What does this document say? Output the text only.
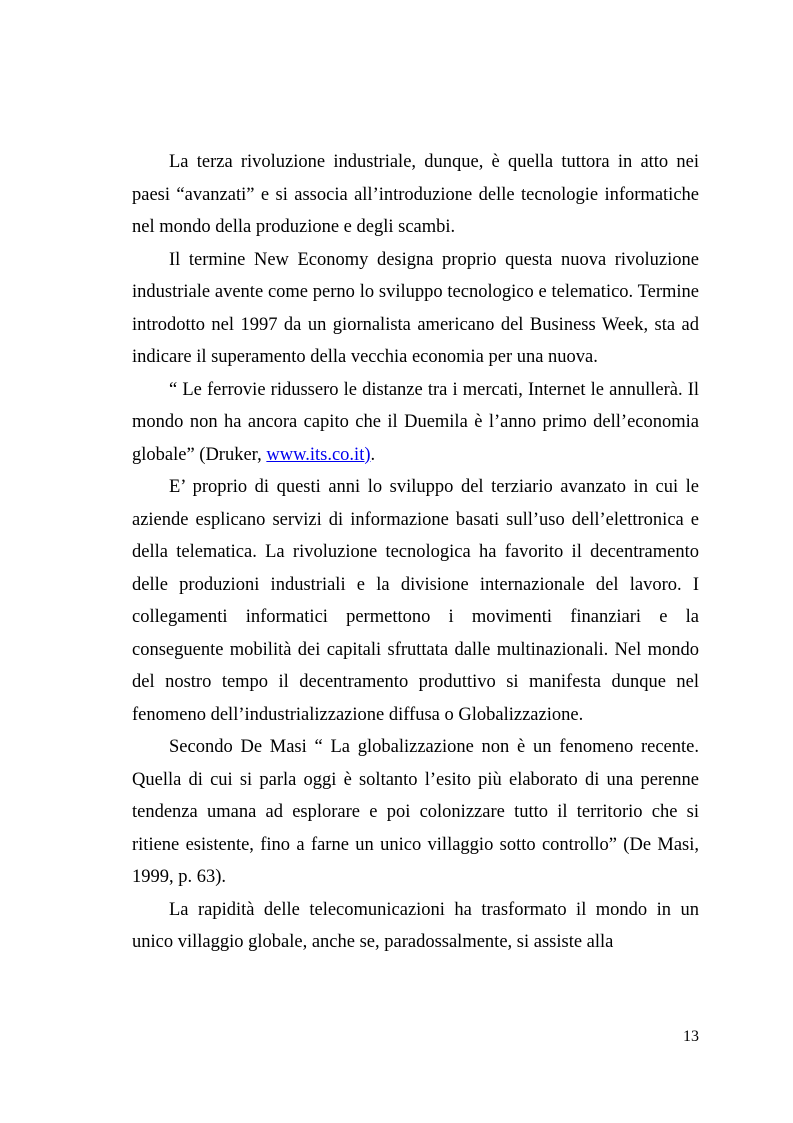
La terza rivoluzione industriale, dunque, è quella tuttora in atto nei paesi “avanzati” e si associa all’introduzione delle tecnologie informatiche nel mondo della produzione e degli scambi.

Il termine New Economy designa proprio questa nuova rivoluzione industriale avente come perno lo sviluppo tecnologico e telematico. Termine introdotto nel 1997 da un giornalista americano del Business Week, sta ad indicare il superamento della vecchia economia per una nuova.

“ Le ferrovie ridussero le distanze tra i mercati, Internet le annullerà. Il mondo non ha ancora capito che il Duemila è l’anno primo dell’economia globale” (Druker, www.its.co.it).

E’ proprio di questi anni lo sviluppo del terziario avanzato in cui le aziende esplicano servizi di informazione basati sull’uso dell’elettronica e della telematica. La rivoluzione tecnologica ha favorito il decentramento delle produzioni industriali e la divisione internazionale del lavoro. I collegamenti informatici permettono i movimenti finanziari e la conseguente mobilità dei capitali sfruttata dalle multinazionali. Nel mondo del nostro tempo il decentramento produttivo si manifesta dunque nel fenomeno dell’industrializzazione diffusa o Globalizzazione.

Secondo De Masi “ La globalizzazione non è un fenomeno recente. Quella di cui si parla oggi è soltanto l’esito più elaborato di una perenne tendenza umana ad esplorare e poi colonizzare tutto il territorio che si ritiene esistente, fino a farne un unico villaggio sotto controllo” (De Masi, 1999, p. 63).

La rapidità delle telecomunicazioni ha trasformato il mondo in un unico villaggio globale, anche se, paradossalmente, si assiste alla

13
